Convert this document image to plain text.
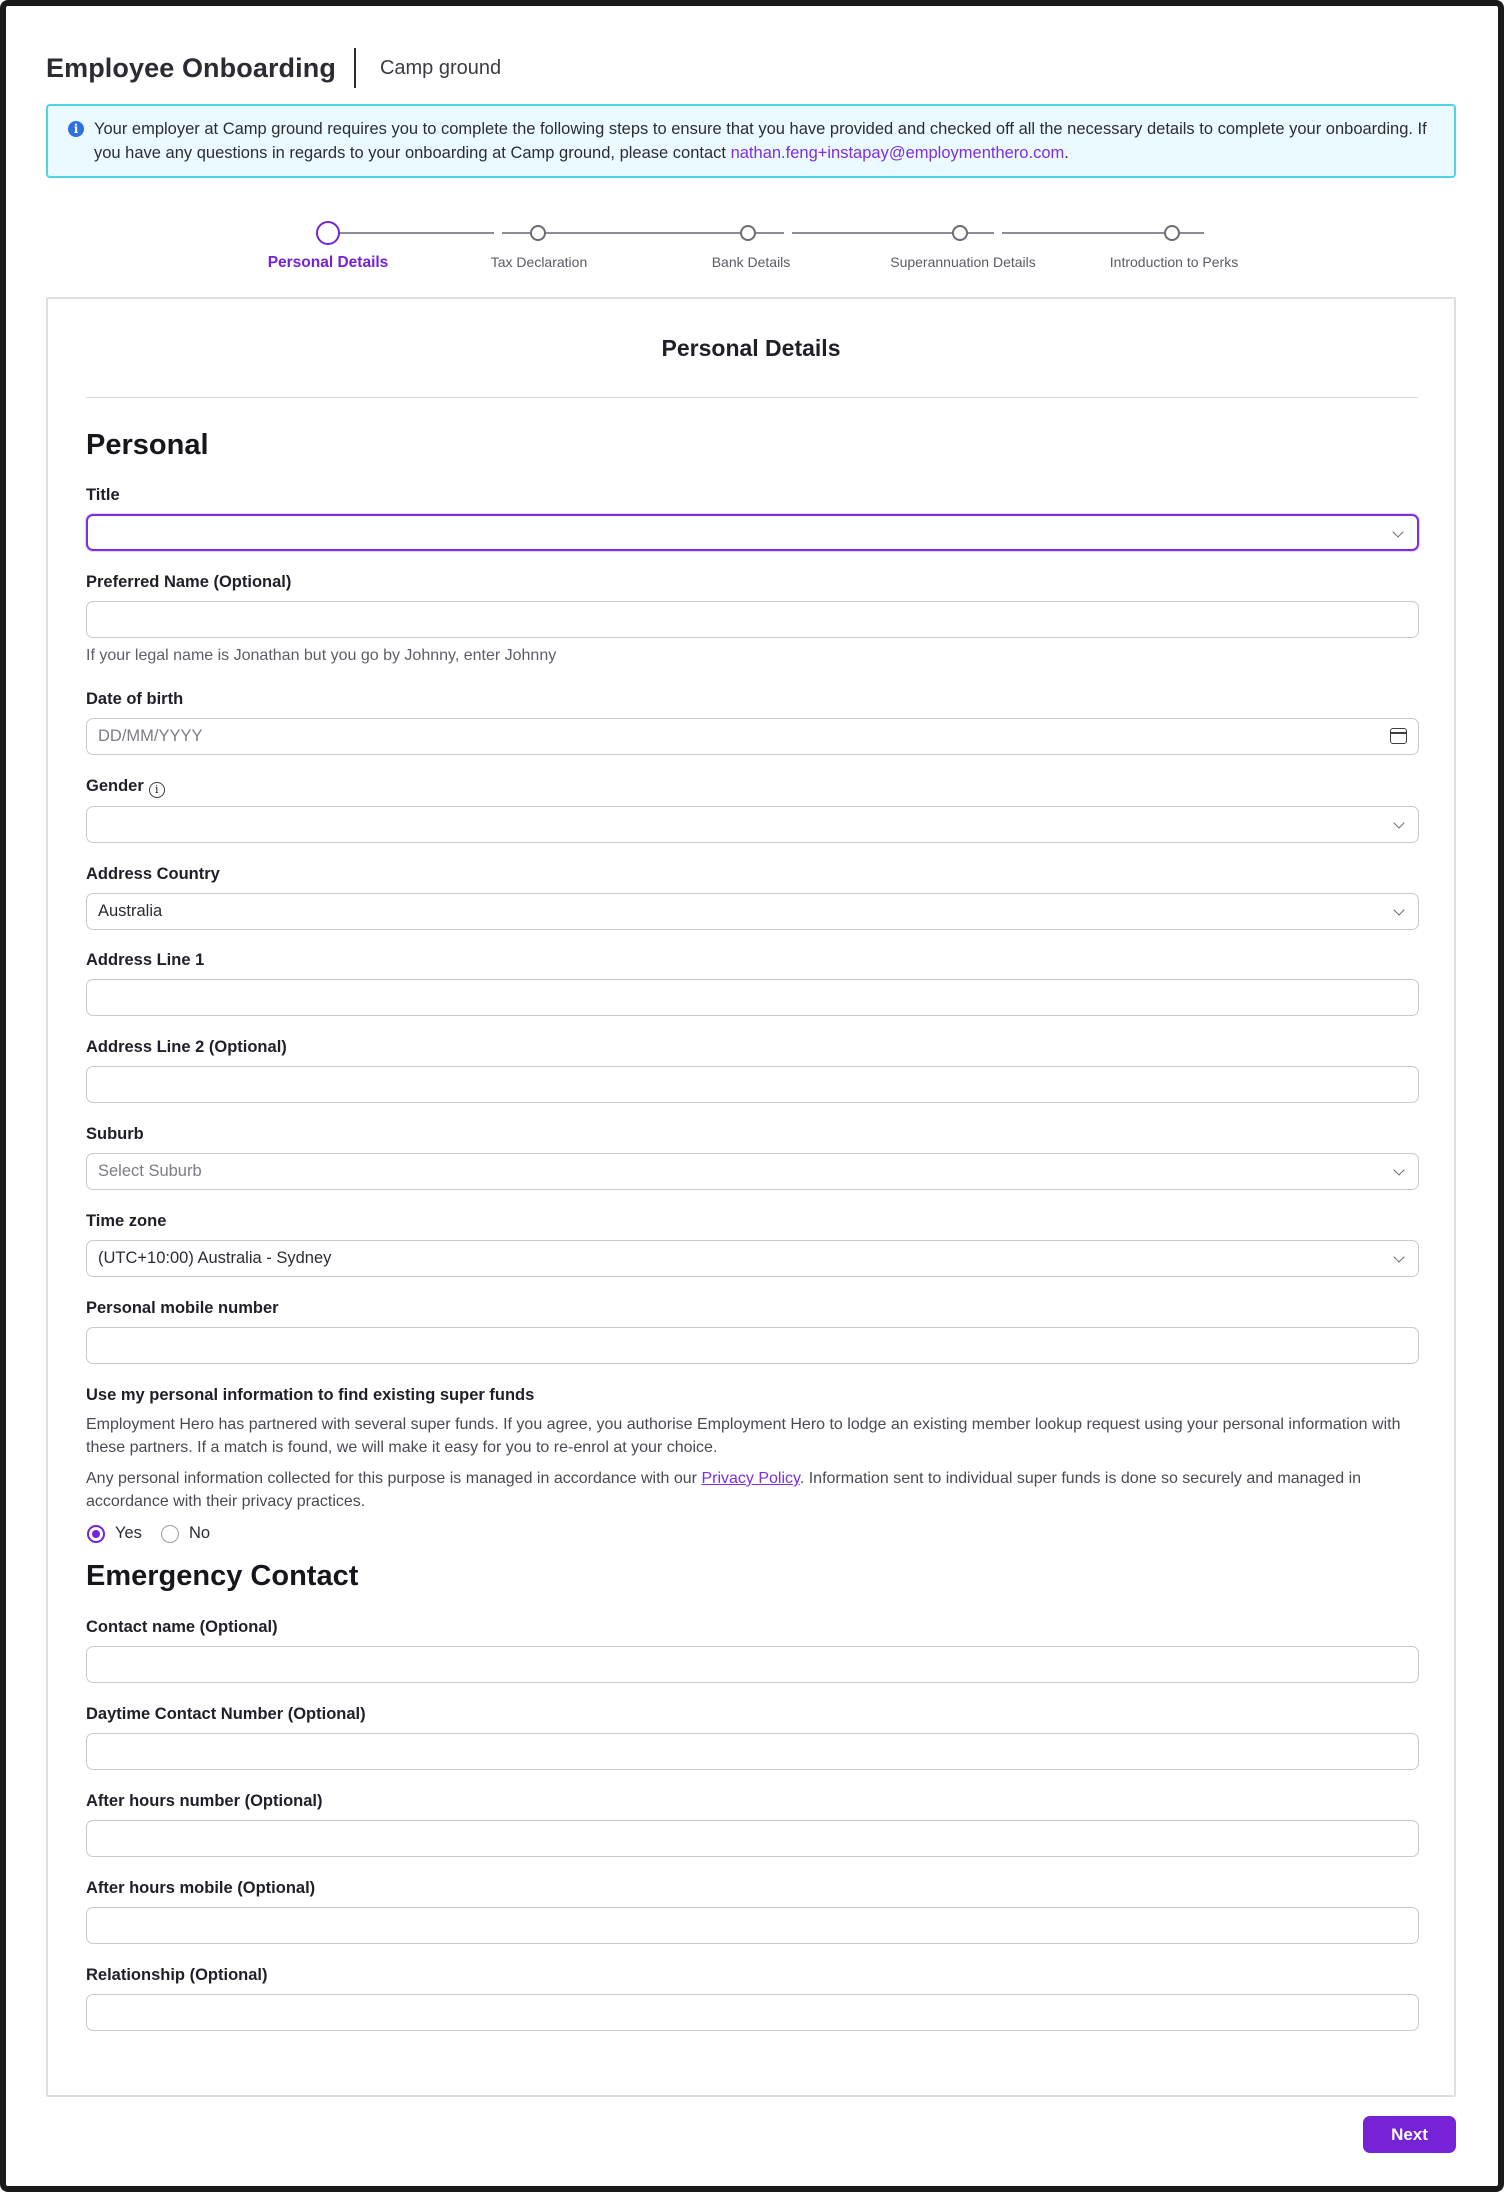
Employee Onboarding Camp ground
i Your employer at Camp ground requires you to complete the following steps to ensure that you have provided and checked off all the necessary details to complete your onboarding. If you have any questions in regards to your onboarding at Camp ground, please contact nathan.feng+instapay@employmenthero.com.
Personal Details	Tax Declaration	Bank Details	Superannuation Details	Introduction to Perks
Personal Details
Personal
Title
Preferred Name (Optional)
If your legal name is Jonathan but you go by Johnny, enter Johnny
Date of birth
DD/MM/YYYY
Gender i
Address Country
Australia
Address Line 1
Address Line 2 (Optional)
Suburb
Select Suburb
Time zone
(UTC+10:00) Australia - Sydney
Personal mobile number
Use my personal information to find existing super funds
Employment Hero has partnered with several super funds. If you agree, you authorise Employment Hero to lodge an existing member lookup request using your personal information with these partners. If a match is found, we will make it easy for you to re-enrol at your choice.
Any personal information collected for this purpose is managed in accordance with our Privacy Policy. Information sent to individual super funds is done so securely and managed in accordance with their privacy practices.
Yes	No
Emergency Contact
Contact name (Optional)
Daytime Contact Number (Optional)
After hours number (Optional)
After hours mobile (Optional)
Relationship (Optional)
Next
